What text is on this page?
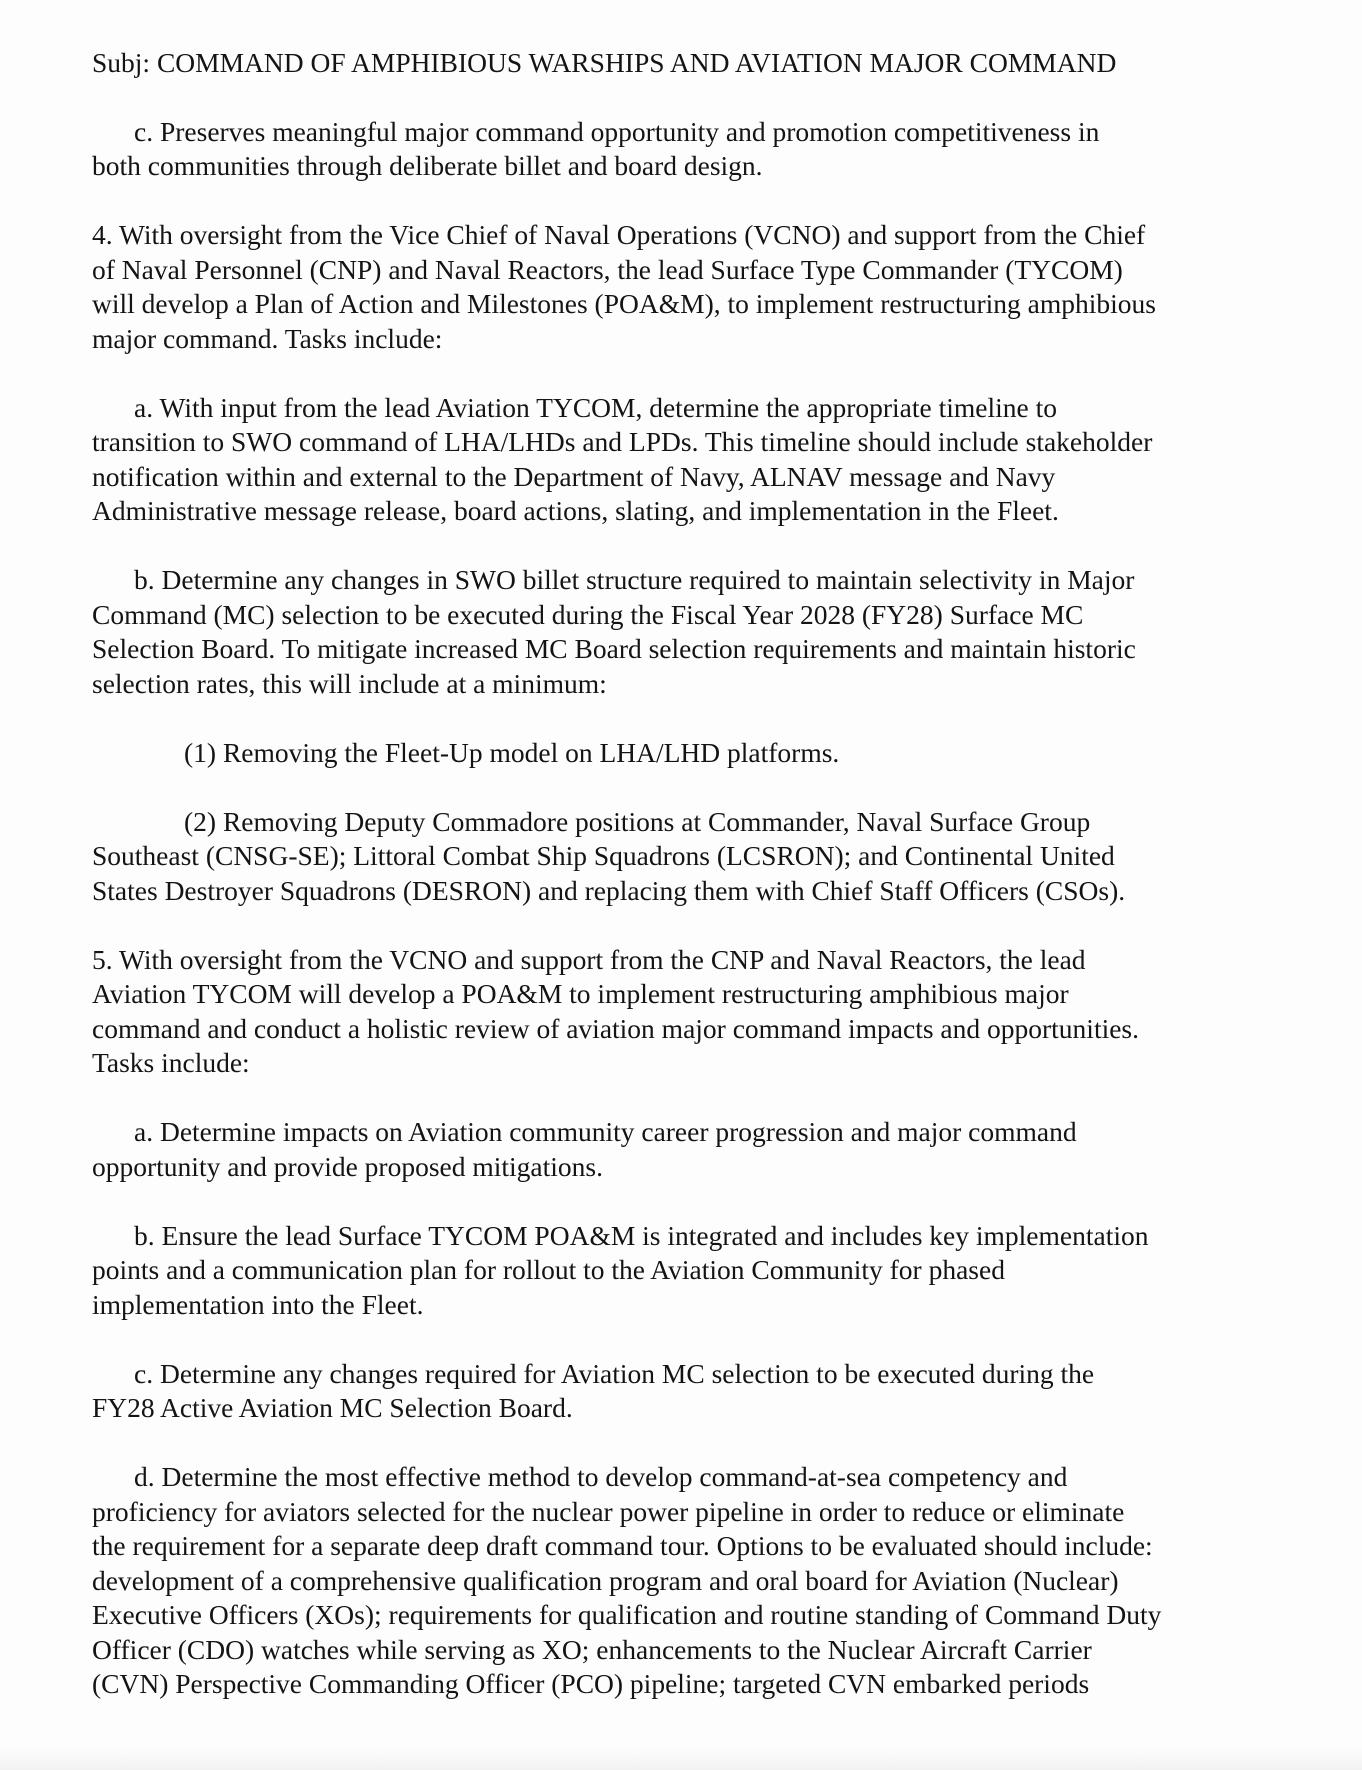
Subj: COMMAND OF AMPHIBIOUS WARSHIPS AND AVIATION MAJOR COMMAND
c. Preserves meaningful major command opportunity and promotion competitiveness in
both communities through deliberate billet and board design.
4. With oversight from the Vice Chief of Naval Operations (VCNO) and support from the Chief
of Naval Personnel (CNP) and Naval Reactors, the lead Surface Type Commander (TYCOM)
will develop a Plan of Action and Milestones (POA&M), to implement restructuring amphibious
major command. Tasks include:
a. With input from the lead Aviation TYCOM, determine the appropriate timeline to
transition to SWO command of LHA/LHDs and LPDs. This timeline should include stakeholder
notification within and external to the Department of Navy, ALNAV message and Navy
Administrative message release, board actions, slating, and implementation in the Fleet.
b. Determine any changes in SWO billet structure required to maintain selectivity in Major
Command (MC) selection to be executed during the Fiscal Year 2028 (FY28) Surface MC
Selection Board. To mitigate increased MC Board selection requirements and maintain historic
selection rates, this will include at a minimum:
(1) Removing the Fleet-Up model on LHA/LHD platforms.
(2) Removing Deputy Commadore positions at Commander, Naval Surface Group
Southeast (CNSG-SE); Littoral Combat Ship Squadrons (LCSRON); and Continental United
States Destroyer Squadrons (DESRON) and replacing them with Chief Staff Officers (CSOs).
5. With oversight from the VCNO and support from the CNP and Naval Reactors, the lead
Aviation TYCOM will develop a POA&M to implement restructuring amphibious major
command and conduct a holistic review of aviation major command impacts and opportunities.
Tasks include:
a. Determine impacts on Aviation community career progression and major command
opportunity and provide proposed mitigations.
b. Ensure the lead Surface TYCOM POA&M is integrated and includes key implementation
points and a communication plan for rollout to the Aviation Community for phased
implementation into the Fleet.
c. Determine any changes required for Aviation MC selection to be executed during the
FY28 Active Aviation MC Selection Board.
d. Determine the most effective method to develop command-at-sea competency and
proficiency for aviators selected for the nuclear power pipeline in order to reduce or eliminate
the requirement for a separate deep draft command tour. Options to be evaluated should include:
development of a comprehensive qualification program and oral board for Aviation (Nuclear)
Executive Officers (XOs); requirements for qualification and routine standing of Command Duty
Officer (CDO) watches while serving as XO; enhancements to the Nuclear Aircraft Carrier
(CVN) Perspective Commanding Officer (PCO) pipeline; targeted CVN embarked periods
